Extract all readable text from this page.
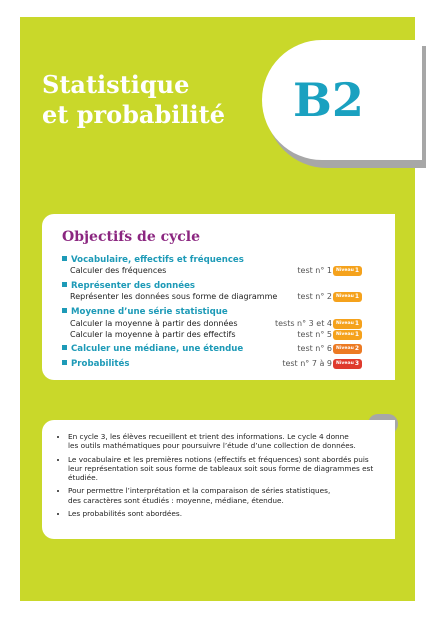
Statistique
et probabilité	B2
Objectifs de cycle
Vocabulaire, effectifs et fréquences
Calculer des fréquences	test n° 1 Niveau 1
Représenter des données
Représenter les données sous forme de diagramme	test n° 2 Niveau 1
Moyenne d’une série statistique
Calculer la moyenne à partir des données	tests n° 3 et 4 Niveau 1
Calculer la moyenne à partir des effectifs	test n° 5 Niveau 1
Calculer une médiane, une étendue	test n° 6 Niveau 2
Probabilités	test n° 7 à 9 Niveau 3
• En cycle 3, les élèves recueillent et trient des informations. Le cycle 4 donne
les outils mathématiques pour poursuivre l’étude d’une collection de données.
• Le vocabulaire et les premières notions (effectifs et fréquences) sont abordés puis
leur représentation soit sous forme de tableaux soit sous forme de diagrammes est
étudiée.
• Pour permettre l’interprétation et la comparaison de séries statistiques,
des caractères sont étudiés : moyenne, médiane, étendue.
• Les probabilités sont abordées.
